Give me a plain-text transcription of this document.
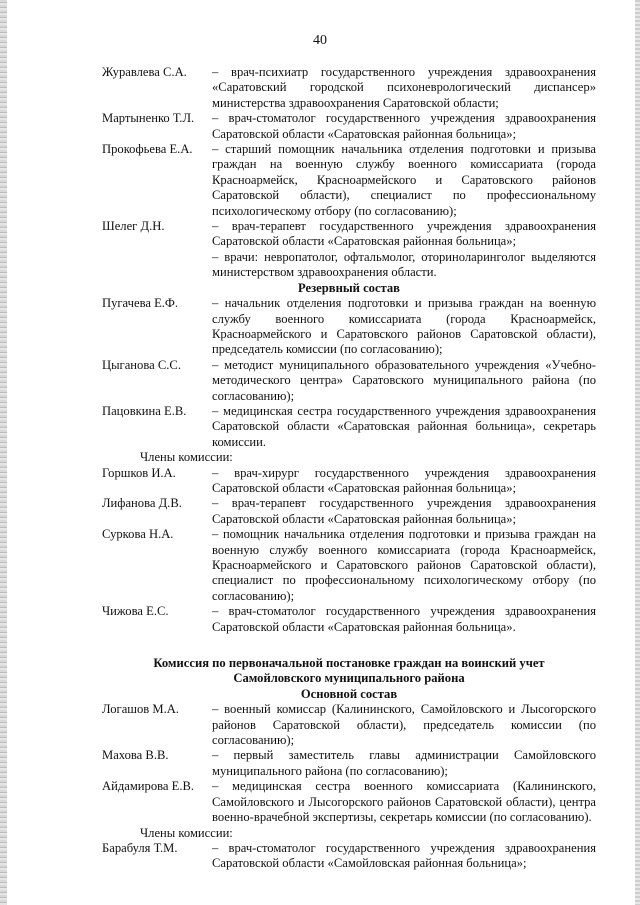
40
Журавлева С.А.	– врач-психиатр государственного учреждения здравоохранения «Саратовский городской психоневрологический диспансер» министерства здравоохранения Саратовской области;
Мартыненко Т.Л.	– врач-стоматолог государственного учреждения здравоохранения Саратовской области «Саратовская районная больница»;
Прокофьева Е.А.	– старший помощник начальника отделения подготовки и призыва граждан на военную службу военного комиссариата (города Красноармейск, Красноармейского и Саратовского районов Саратовской области), специалист по профессиональному психологическому отбору (по согласованию);
Шелег Д.Н.	– врач-терапевт государственного учреждения здравоохранения Саратовской области «Саратовская районная больница»;
– врачи: невропатолог, офтальмолог, оториноларинголог выделяются министерством здравоохранения области.
Резервный состав
Пугачева Е.Ф.	– начальник отделения подготовки и призыва граждан на военную службу военного комиссариата (города Красноармейск, Красноармейского и Саратовского районов Саратовской области), председатель комиссии (по согласованию);
Цыганова С.С.	– методист муниципального образовательного учреждения «Учебно-методического центра» Саратовского муниципального района (по согласованию);
Пацовкина Е.В.	– медицинская сестра государственного учреждения здравоохранения Саратовской области «Саратовская районная больница», секретарь комиссии.
Члены комиссии:
Горшков И.А.	– врач-хирург государственного учреждения здравоохранения Саратовской области «Саратовская районная больница»;
Лифанова Д.В.	– врач-терапевт государственного учреждения здравоохранения Саратовской области «Саратовская районная больница»;
Суркова Н.А.	– помощник начальника отделения подготовки и призыва граждан на военную службу военного комиссариата (города Красноармейск, Красноармейского и Саратовского районов Саратовской области), специалист по профессиональному психологическому отбору (по согласованию);
Чижова Е.С.	– врач-стоматолог государственного учреждения здравоохранения Саратовской области «Саратовская районная больница».
Комиссия по первоначальной постановке граждан на воинский учет
Самойловского муниципального района
Основной состав
Логашов М.А.	– военный комиссар (Калининского, Самойловского и Лысогорского районов Саратовской области), председатель комиссии (по согласованию);
Махова В.В.	– первый заместитель главы администрации Самойловского муниципального района (по согласованию);
Айдамирова Е.В.	– медицинская сестра военного комиссариата (Калининского, Самойловского и Лысогорского районов Саратовской области), центра военно-врачебной экспертизы, секретарь комиссии (по согласованию).
Члены комиссии:
Барабуля Т.М.	– врач-стоматолог государственного учреждения здравоохранения Саратовской области «Самойловская районная больница»;
